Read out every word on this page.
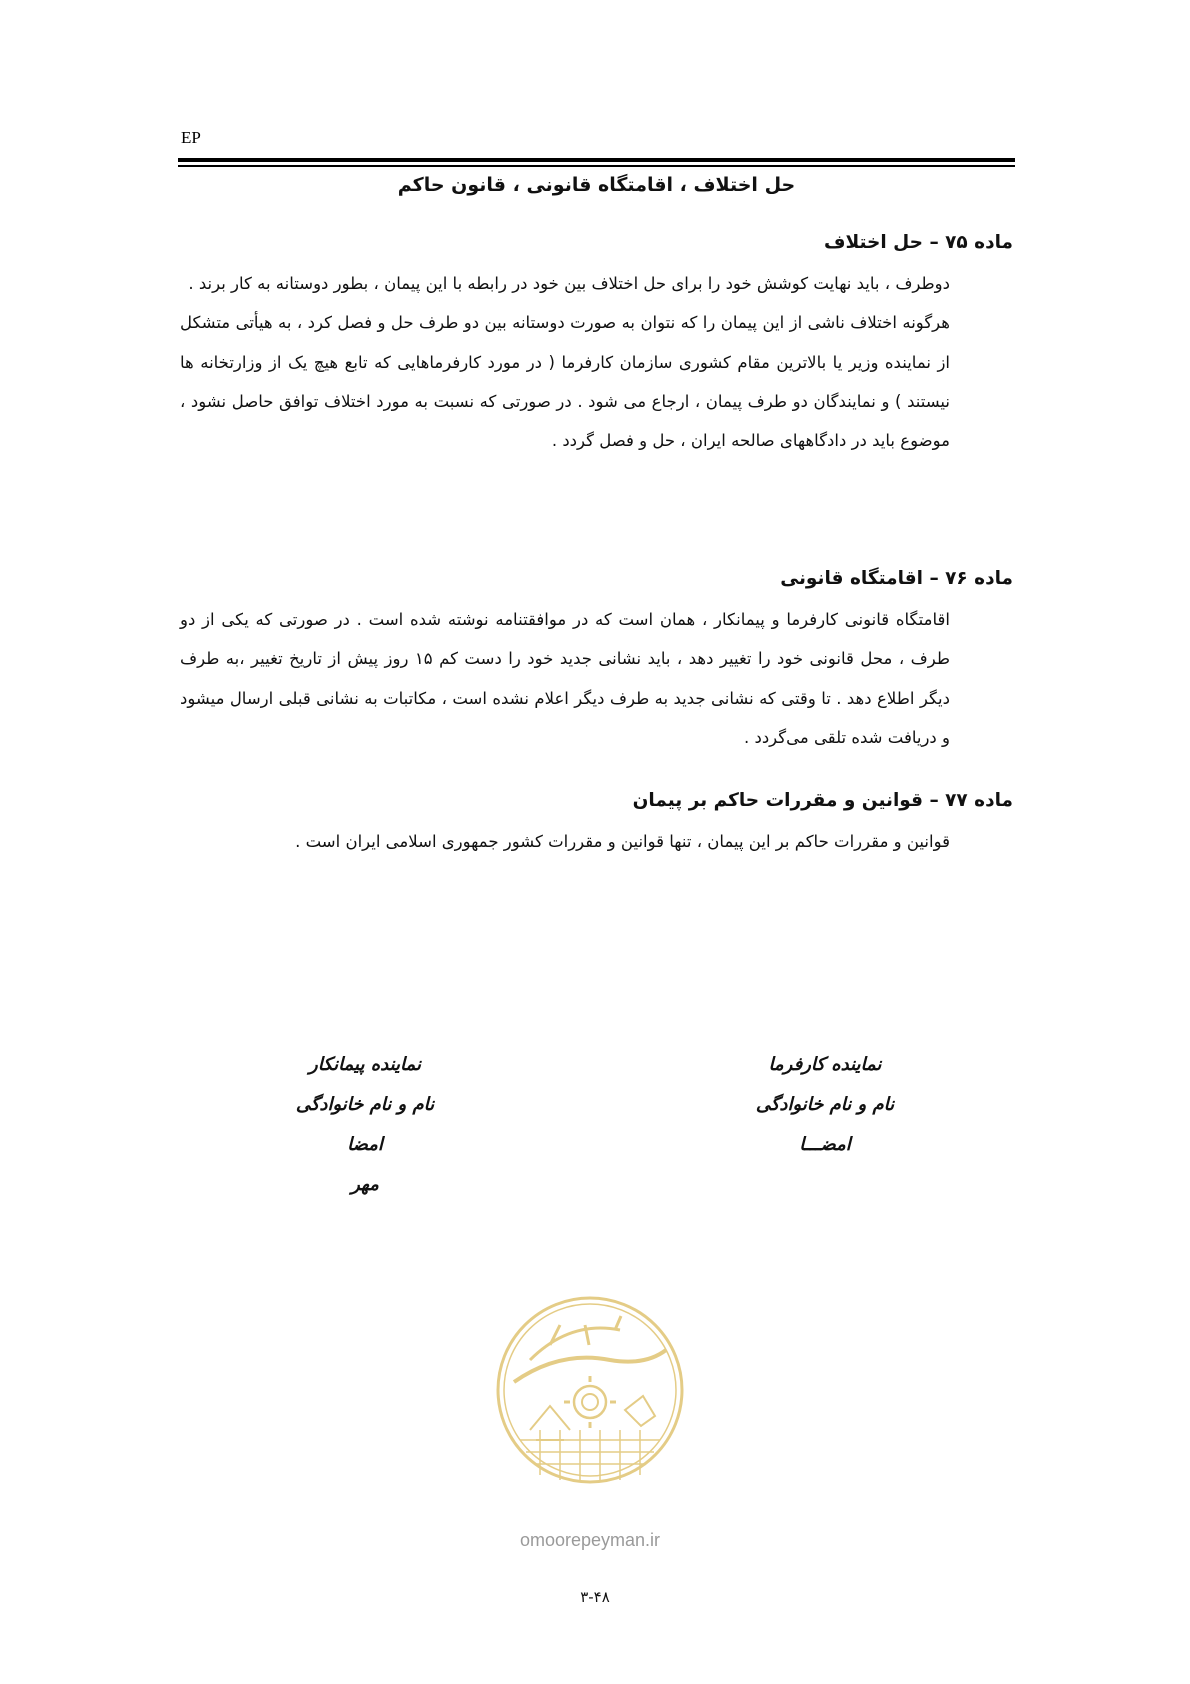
EP
حل اختلاف ، اقامتگاه قانونی ، قانون حاکم
ماده ۷۵ – حل اختلاف

دوطرف ، باید نهایت کوشش خود را برای حل اختلاف بین خود در رابطه با این پیمان ، بطور دوستانه به کار برند .

هرگونه اختلاف ناشی از این پیمان را که نتوان به صورت دوستانه بین دو طرف حل و فصل کرد ، به هیأتی متشکل از نماینده وزیر یا بالاترین مقام کشوری سازمان کارفرما ( در مورد کارفرماهایی که تابع هیچ یک از وزارتخانه ها نیستند ) و نمایندگان دو طرف پیمان ، ارجاع می شود . در صورتی که نسبت به مورد اختلاف توافق حاصل نشود ، موضوع باید در دادگاههای صالحه ایران ، حل و فصل گردد .

ماده ۷۶ – اقامتگاه قانونی

اقامتگاه قانونی کارفرما و پیمانکار ، همان است که در موافقتنامه نوشته شده است . در صورتی که یکی از دو طرف ، محل قانونی خود را تغییر دهد ، باید نشانی جدید خود را دست کم ۱۵ روز پیش از تاریخ تغییر ،به طرف دیگر اطلاع دهد . تا وقتی که نشانی جدید به طرف دیگر اعلام نشده است ، مکاتبات به نشانی قبلی ارسال میشود و دریافت شده تلقی می‌گردد .

ماده ۷۷ – قوانین و مقررات حاکم بر پیمان

قوانین و مقررات حاکم بر این پیمان ، تنها قوانین و مقررات کشور جمهوری اسلامی ایران است .

نماینده کارفرما
نام و نام خانوادگی
امضـــا
نماینده پیمانکار
نام و نام خانوادگی
امضا
مهر
omoorepeyman.ir
۳-۴۸
